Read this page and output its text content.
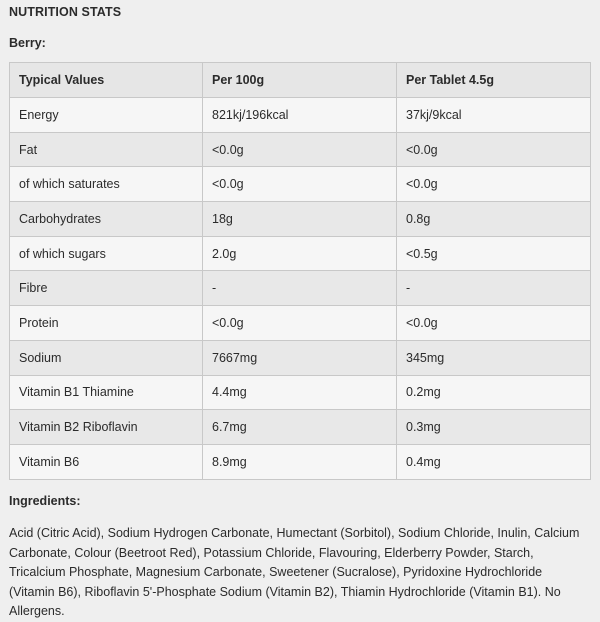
NUTRITION STATS
Berry:
Typical Values	Per 100g	Per Tablet 4.5g
Energy	821kj/196kcal	37kj/9kcal
Fat	<0.0g	<0.0g
of which saturates	<0.0g	<0.0g
Carbohydrates	18g	0.8g
of which sugars	2.0g	<0.5g
Fibre	-	-
Protein	<0.0g	<0.0g
Sodium	7667mg	345mg
Vitamin B1 Thiamine	4.4mg	0.2mg
Vitamin B2 Riboflavin	6.7mg	0.3mg
Vitamin B6	8.9mg	0.4mg
Ingredients:
Acid (Citric Acid), Sodium Hydrogen Carbonate, Humectant (Sorbitol), Sodium Chloride, Inulin, Calcium Carbonate, Colour (Beetroot Red), Potassium Chloride, Flavouring, Elderberry Powder, Starch, Tricalcium Phosphate, Magnesium Carbonate, Sweetener (Sucralose), Pyridoxine Hydrochloride (Vitamin B6), Riboflavin 5'-Phosphate Sodium (Vitamin B2), Thiamin Hydrochloride (Vitamin B1). No Allergens.
